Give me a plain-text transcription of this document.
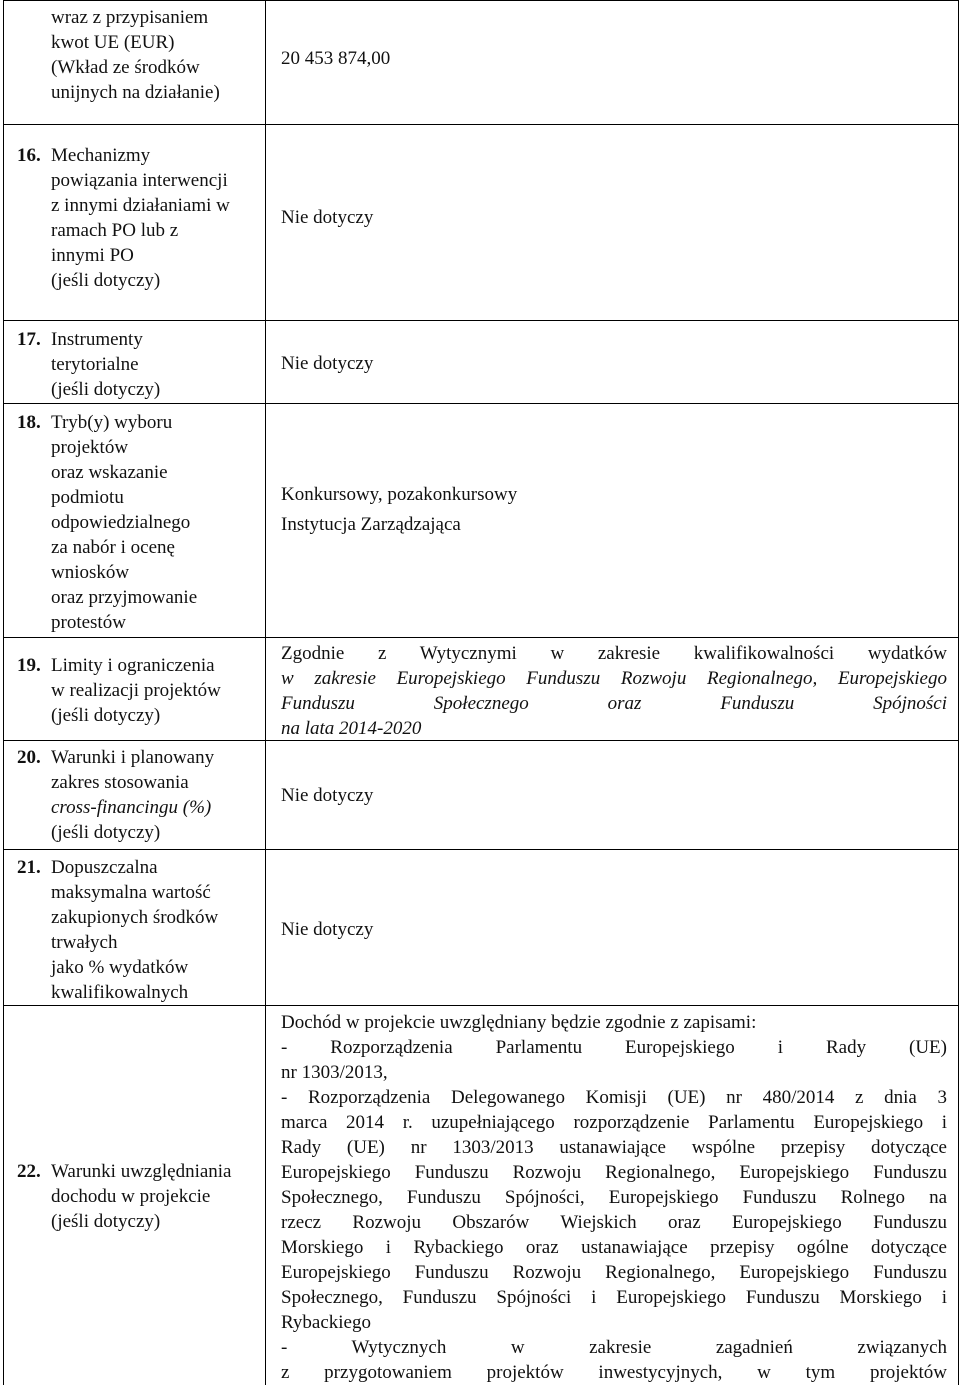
wraz z przypisaniem
kwot UE (EUR)
(Wkład ze środków
unijnych na działanie)
20 453 874,00
16. Mechanizmy
powiązania interwencji
z innymi działaniami w
ramach PO lub z
innymi PO
(jeśli dotyczy)
Nie dotyczy
17. Instrumenty
terytorialne
(jeśli dotyczy)
Nie dotyczy
18. Tryb(y) wyboru
projektów
oraz wskazanie
podmiotu
odpowiedzialnego
za nabór i ocenę
wniosków
oraz przyjmowanie
protestów
Konkursowy, pozakonkursowy
Instytucja Zarządzająca
19. Limity i ograniczenia
w realizacji projektów
(jeśli dotyczy)
Zgodnie z Wytycznymi w zakresie kwalifikowalności wydatków
w zakresie Europejskiego Funduszu Rozwoju Regionalnego, Europejskiego
Funduszu Społecznego oraz Funduszu Spójności
na lata 2014-2020
20. Warunki i planowany
zakres stosowania
cross-financingu (%)
(jeśli dotyczy)
Nie dotyczy
21. Dopuszczalna
maksymalna wartość
zakupionych środków
trwałych
jako % wydatków
kwalifikowalnych
Nie dotyczy
22. Warunki uwzględniania
dochodu w projekcie
(jeśli dotyczy)
Dochód w projekcie uwzględniany będzie zgodnie z zapisami:
- Rozporządzenia Parlamentu Europejskiego i Rady (UE)
nr 1303/2013,
- Rozporządzenia Delegowanego Komisji (UE) nr 480/2014 z dnia 3
marca 2014 r. uzupełniającego rozporządzenie Parlamentu Europejskiego i
Rady (UE) nr 1303/2013 ustanawiające wspólne przepisy dotyczące
Europejskiego Funduszu Rozwoju Regionalnego, Europejskiego Funduszu
Społecznego, Funduszu Spójności, Europejskiego Funduszu Rolnego na
rzecz Rozwoju Obszarów Wiejskich oraz Europejskiego Funduszu
Morskiego i Rybackiego oraz ustanawiające przepisy ogólne dotyczące
Europejskiego Funduszu Rozwoju Regionalnego, Europejskiego Funduszu
Społecznego, Funduszu Spójności i Europejskiego Funduszu Morskiego i
Rybackiego
- Wytycznych w zakresie zagadnień związanych
z przygotowaniem projektów inwestycyjnych, w tym projektów
